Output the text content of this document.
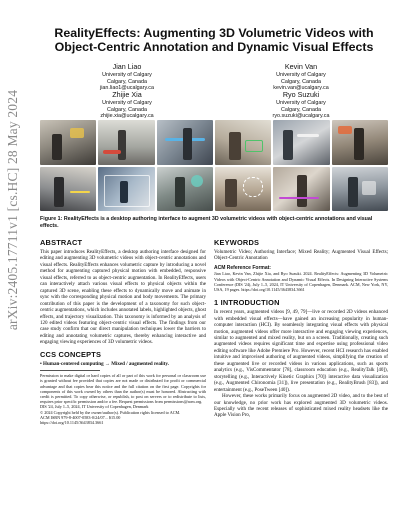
arXiv:2405.17711v1 [cs.HC] 28 May 2024
RealityEffects: Augmenting 3D Volumetric Videos with Object-Centric Annotation and Dynamic Visual Effects
Jian Liao
University of Calgary
Calgary, Canada
jian.liao1@ucalgary.ca
Kevin Van
University of Calgary
Calgary, Canada
kevin.van@ucalgary.ca
Zhijie Xia
University of Calgary
Calgary, Canada
zhijie.xia@ucalgary.ca
Ryo Suzuki
University of Calgary
Calgary, Canada
ryo.suzuki@ucalgary.ca
Figure 1: RealityEffects is a desktop authoring interface to augment 3D volumetric videos with object-centric annotations and visual effects.

ABSTRACT

This paper introduces RealityEffects, a desktop authoring interface designed for editing and augmenting 3D volumetric videos with object-centric annotations and visual effects. RealityEffects enhances volumetric capture by introducing a novel method for augmenting captured physical motion with embedded, responsive visual effects, referred to as object-centric augmentation. In RealityEffects, users can interactively attach various visual effects to physical objects within the captured 3D scene, enabling these effects to dynamically move and animate in sync with the corresponding physical motion and body movements. The primary contribution of this paper is the development of a taxonomy for such object-centric augmentations, which includes annotated labels, highlighted objects, ghost effects, and trajectory visualization. This taxonomy is informed by an analysis of 120 edited videos featuring object-centric visual effects. The findings from our case study confirm that our direct manipulation techniques lower the barriers to editing and annotating volumetric captures, thereby enhancing interactive and engaging viewing experiences of 3D volumetric videos.

CCS CONCEPTS

• Human-centered computing → Mixed / augmented reality.

Permission to make digital or hard copies of all or part of this work for personal or classroom use is granted without fee provided that copies are not made or distributed for profit or commercial advantage and that copies bear this notice and the full citation on the first page. Copyrights for components of this work owned by others than the author(s) must be honored. Abstracting with credit is permitted. To copy otherwise, or republish, to post on servers or to redistribute to lists, requires prior specific permission and/or a fee. Request permissions from permissions@acm.org.

DIS '24, July 1–5, 2024, IT University of Copenhagen, Denmark

© 2024 Copyright held by the owner/author(s). Publication rights licensed to ACM.

ACM ISBN 979-8-4007-0583-0/24/07... $15.00

https://doi.org/10.1145/3643834.3661

KEYWORDS

Volumetric Video; Authoring Interface; Mixed Reality; Augmented Visual Effects; Object-Centric Annotation

ACM Reference Format:

Jian Liao, Kevin Van, Zhijie Xia, and Ryo Suzuki. 2024. RealityEffects: Augmenting 3D Volumetric Videos with Object-Centric Annotation and Dynamic Visual Effects. In Designing Interactive Systems Conference (DIS '24), July 1–5, 2024, IT University of Copenhagen, Denmark. ACM, New York, NY, USA, 19 pages. https://doi.org/10.1145/3643834.3661

1 INTRODUCTION

In recent years, augmented videos [9, 49, 79]—live or recorded 2D videos enhanced with embedded visual effects—have gained an increasing popularity in human-computer interaction (HCI). By seamlessly integrating visual effects with physical motion, augmented videos offer more interactive and engaging viewing experiences, similar to augmented and mixed reality, but on a screen. Traditionally, creating such augmented videos requires significant time and expertise using professional video editing software like Adobe Premiere Pro. However, recent HCI research has enabled intuitive and improvised authoring of augmented videos, simplifying the creation of these augmented live or recorded videos in various applications, such as sports analytics (e.g., VisCommentator [78], classroom education (e.g., RealityTalk [40]), storytelling (e.g., Interactively Kinetic Graphics [70]) interactive data visualization (e.g., Augmented Chironomia [31]), live presentation (e.g., RealityBrush [83]), and entertainment (e.g., PoseTween [40]).

However, these works primarily focus on augmented 2D video, and to the best of our knowledge, no prior work has explored augmented 3D volumetric videos. Especially with the recent releases of sophisticated mixed reality headsets like the Apple Vision Pro,
